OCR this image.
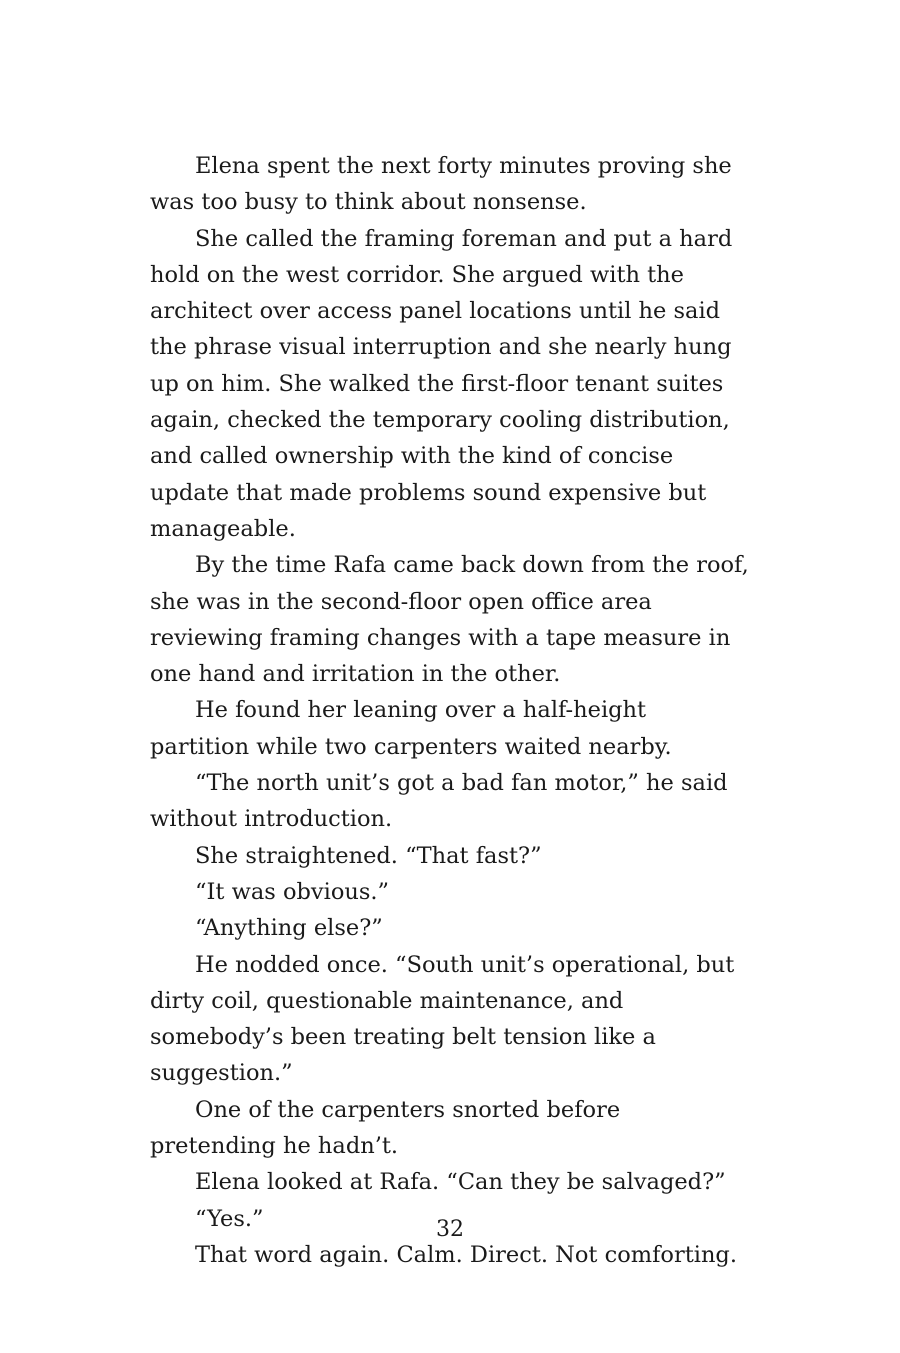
Elena spent the next forty minutes proving she was too busy to think about nonsense.

She called the framing foreman and put a hard hold on the west corridor. She argued with the architect over access panel locations until he said the phrase visual interruption and she nearly hung up on him. She walked the first-floor tenant suites again, checked the temporary cooling distribution, and called ownership with the kind of concise update that made problems sound expensive but manageable.

By the time Rafa came back down from the roof, she was in the second-floor open office area reviewing framing changes with a tape measure in one hand and irritation in the other.

He found her leaning over a half-height partition while two carpenters waited nearby.

“The north unit’s got a bad fan motor,” he said without introduction.

She straightened. “That fast?”

“It was obvious.”

“Anything else?”

He nodded once. “South unit’s operational, but dirty coil, questionable maintenance, and somebody’s been treating belt tension like a suggestion.”

One of the carpenters snorted before pretending he hadn’t.

Elena looked at Rafa. “Can they be salvaged?”

“Yes.”

That word again. Calm. Direct. Not comforting.

32
